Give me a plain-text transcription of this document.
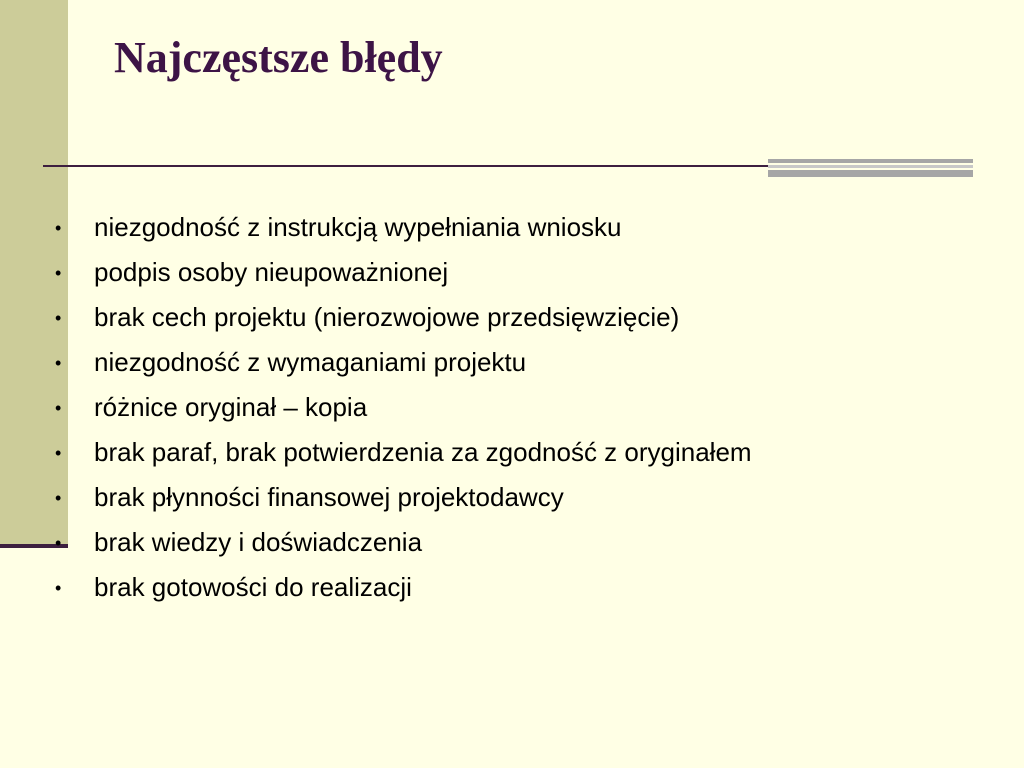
Najczęstsze błędy
•	niezgodność z instrukcją wypełniania wniosku
•	podpis osoby nieupoważnionej
•	brak cech projektu (nierozwojowe przedsięwzięcie)
•	niezgodność z wymaganiami projektu
•	różnice oryginał – kopia
•	brak paraf, brak potwierdzenia za zgodność z oryginałem
•	brak płynności finansowej projektodawcy
•	brak wiedzy i doświadczenia
•	brak gotowości do realizacji
